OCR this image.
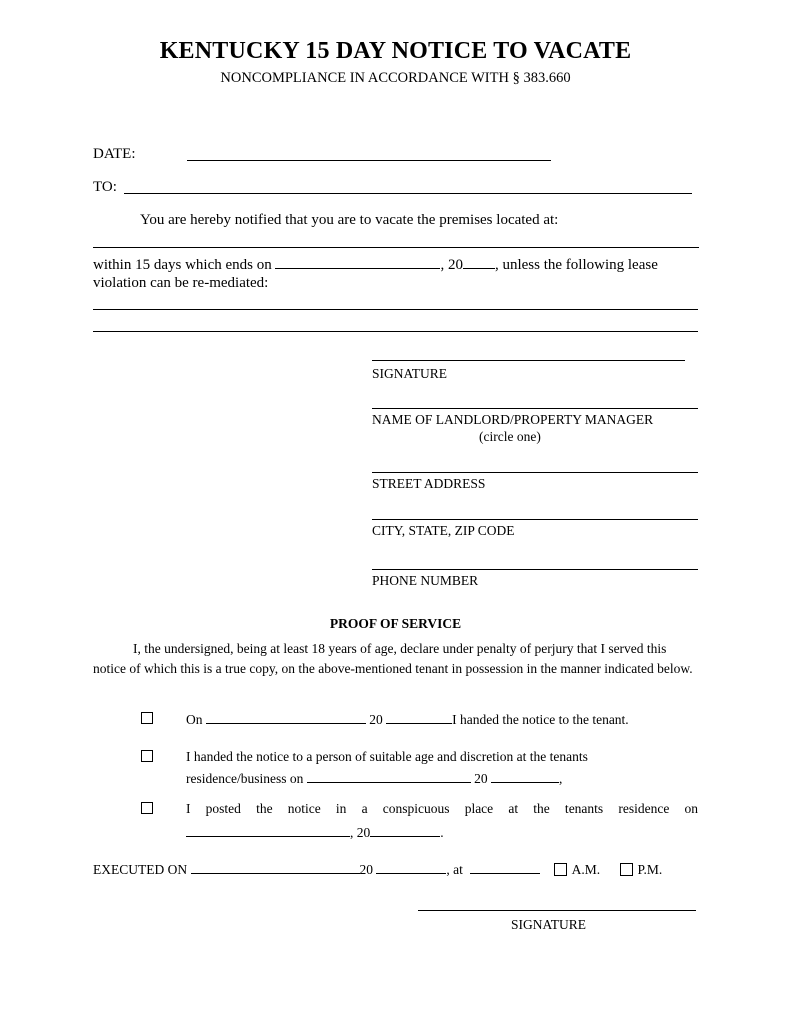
KENTUCKY 15 DAY NOTICE TO VACATE
NONCOMPLIANCE IN ACCORDANCE WITH § 383.660
DATE:
TO:
You are hereby notified that you are to vacate the premises located at:
within 15 days which ends on	, 20 , unless the following lease
violation can be re-mediated:
SIGNATURE
NAME OF LANDLORD/PROPERTY MANAGER
(circle one)
STREET ADDRESS
CITY, STATE, ZIP CODE
PHONE NUMBER
PROOF OF SERVICE
I, the undersigned, being at least 18 years of age, declare under penalty of perjury that I served this notice of which this is a true copy, on the above-mentioned tenant in possession in the manner indicated below.
On	20	I handed the notice to the tenant.
I handed the notice to a person of suitable age and discretion at the tenants
residence/business on	20	,
I posted the notice in a conspicuous place at the tenants residence on
, 20	.
EXECUTED ON	20	, at	A.M.	P.M.
SIGNATURE
